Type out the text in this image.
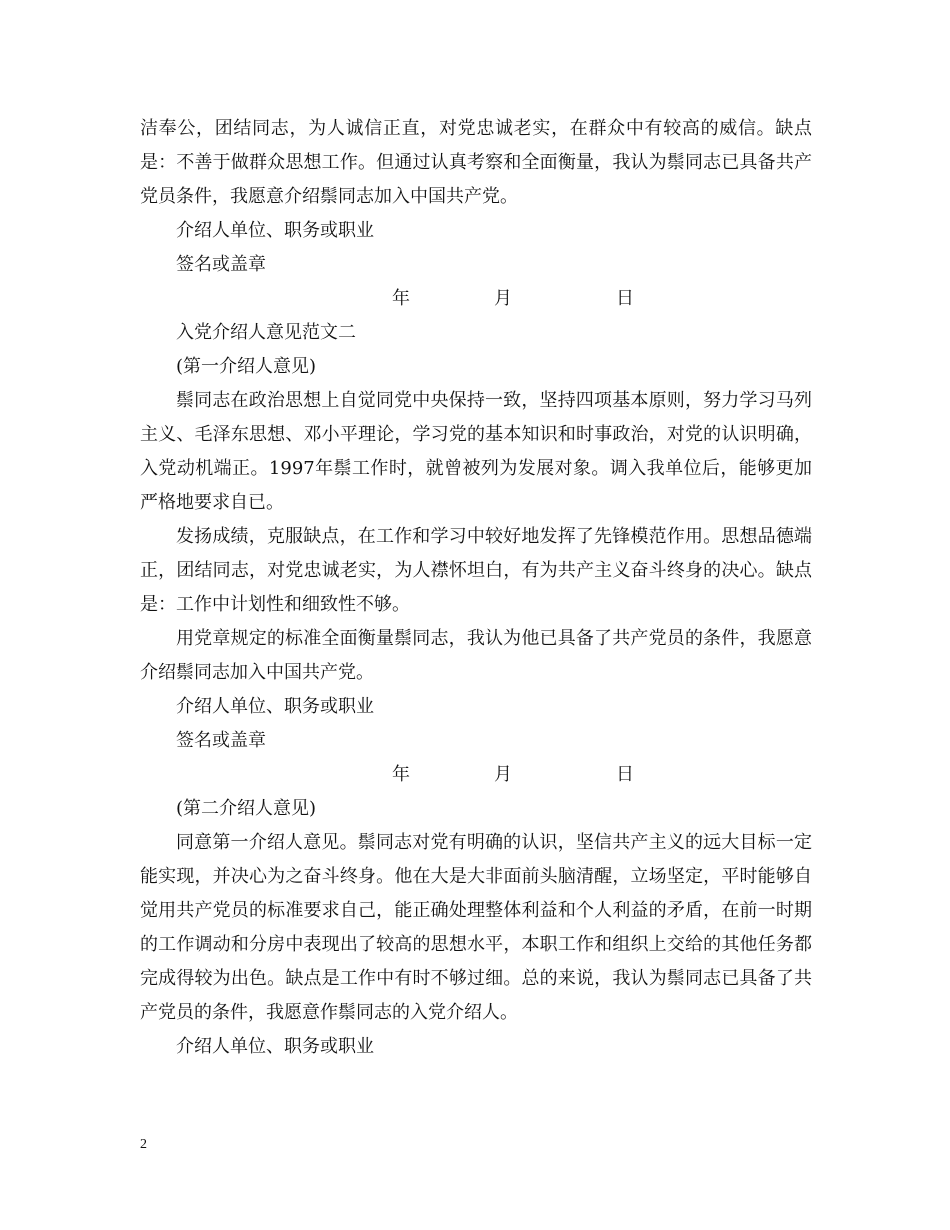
洁奉公，团结同志，为人诚信正直，对党忠诚老实，在群众中有较高的威信。缺点是：不善于做群众思想工作。但通过认真考察和全面衡量，我认为鬃同志已具备共产党员条件，我愿意介绍鬃同志加入中国共产党。

介绍人单位、职务或职业

签名或盖章

年	月	日

入党介绍人意见范文二

(第一介绍人意见)

鬃同志在政治思想上自觉同党中央保持一致，坚持四项基本原则，努力学习马列主义、毛泽东思想、邓小平理论，学习党的基本知识和时事政治，对党的认识明确，入党动机端正。1997年鬃工作时，就曾被列为发展对象。调入我单位后，能够更加严格地要求自已。

发扬成绩，克服缺点，在工作和学习中较好地发挥了先锋模范作用。思想品德端正，团结同志，对党忠诚老实，为人襟怀坦白，有为共产主义奋斗终身的决心。缺点是：工作中计划性和细致性不够。

用党章规定的标准全面衡量鬃同志，我认为他已具备了共产党员的条件，我愿意介绍鬃同志加入中国共产党。

介绍人单位、职务或职业

签名或盖章

年	月	日

(第二介绍人意见)

同意第一介绍人意见。鬃同志对党有明确的认识，坚信共产主义的远大目标一定能实现，并决心为之奋斗终身。他在大是大非面前头脑清醒，立场坚定，平时能够自觉用共产党员的标准要求自己，能正确处理整体利益和个人利益的矛盾，在前一时期的工作调动和分房中表现出了较高的思想水平，本职工作和组织上交给的其他任务都完成得较为出色。缺点是工作中有时不够过细。总的来说，我认为鬃同志已具备了共产党员的条件，我愿意作鬃同志的入党介绍人。

介绍人单位、职务或职业

2
